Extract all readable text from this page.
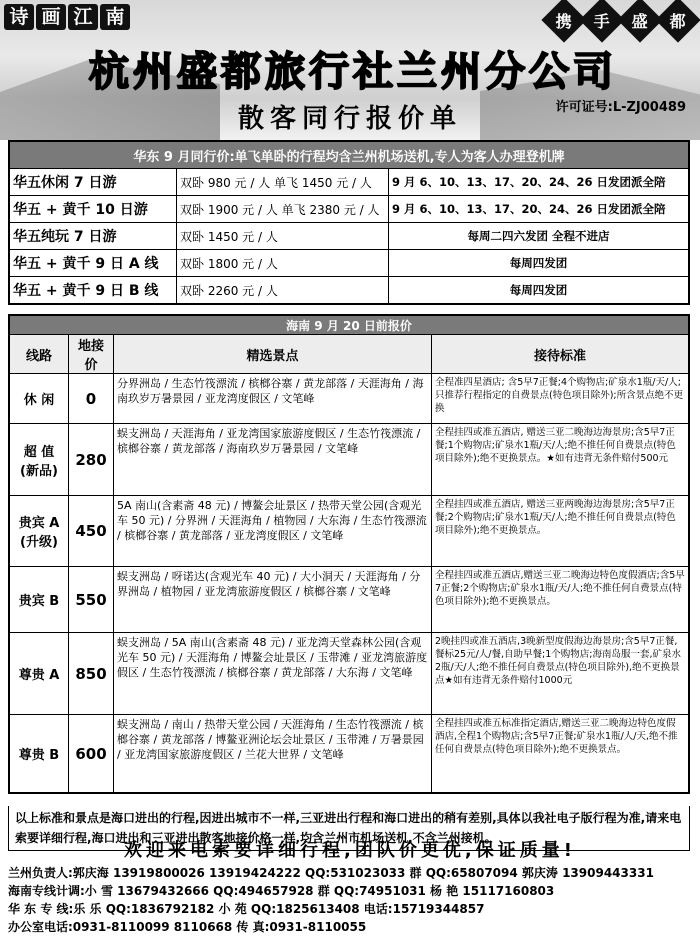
诗 画 江 南	携 手 盛 都
杭州盛都旅行社兰州分公司
散客同行报价单	许可证号:L-ZJ00489
华东 9 月同行价:单飞单卧的行程均含兰州机场送机,专人为客人办理登机牌		
华五休闲 7 日游	双卧 980 元 / 人 单飞 1450 元 / 人	9 月 6、10、13、17、20、24、26 日发团派全陪
华五 + 黄千 10 日游	双卧 1900 元 / 人 单飞 2380 元 / 人	9 月 6、10、13、17、20、24、26 日发团派全陪
华五纯玩 7 日游	双卧 1450 元 / 人	每周二四六发团 全程不进店
华五 + 黄千 9 日 A 线	双卧 1800 元 / 人	每周四发团
华五 + 黄千 9 日 B 线	双卧 2260 元 / 人	每周四发团
海南 9 月 20 日前报价			
线路	地接价	精选景点	接待标准
休 闲	0	分界洲岛 / 生态竹筏漂流 / 槟榔谷寨 / 黄龙部落 / 天涯海角 / 海南玖岁万暑景园 / 亚龙湾度假区 / 文笔峰	全程准四星酒店; 含5早7正餐;4个购物店;矿泉水1瓶/天/人;只推荐行程指定的自费景点(特色项目除外);所含景点绝不更换
超 值
(新品)	280	蜈支洲岛 / 天涯海角 / 亚龙湾国家旅游度假区 / 生态竹筏漂流 / 槟榔谷寨 / 黄龙部落 / 海南玖岁万暑景园 / 文笔峰	全程挂四或准五酒店, 赠送三亚二晚海边海景房;含5早7正餐;1个购物店;矿泉水1瓶/天/人;绝不推任何自费景点(特色项目除外);绝不更换景点。★如有违背无条件赔付500元
贵宾 A
(升级)	450	5A 南山(含素斋 48 元) / 博鳌会址景区 / 热带天堂公园(含观光车 50 元) / 分界洲 / 天涯海角 / 植物园 / 大东海 / 生态竹筏漂流 / 槟榔谷寨 / 黄龙部落 / 亚龙湾度假区 / 文笔峰	全程挂四或准五酒店, 赠送三亚两晚海边海景房;含5早7正餐;2个购物店;矿泉水1瓶/天/人;绝不推任何自费景点(特色项目除外);绝不更换景点。
贵宾 B	550	蜈支洲岛 / 呀诺达(含观光车 40 元) / 大小洞天 / 天涯海角 / 分界洲岛 / 植物园 / 亚龙湾旅游度假区 / 槟榔谷寨 / 文笔峰	全程挂四或准五酒店,赠送三亚二晚海边特色度假酒店;含5早7正餐;2个购物店;矿泉水1瓶/天/人;绝不推任何自费景点(特色项目除外);绝不更换景点。
尊贵 A	850	蜈支洲岛 / 5A 南山(含素斋 48 元) / 亚龙湾天堂森林公园(含观光车 50 元) / 天涯海角 / 博鳌会址景区 / 玉带滩 / 亚龙湾旅游度假区 / 生态竹筏漂流 / 槟榔谷寨 / 黄龙部落 / 大东海 / 文笔峰	2晚挂四或准五酒店,3晚新型度假海边海景房;含5早7正餐,餐标25元/人/餐,自助早餐;1个购物店;海南岛服一套,矿泉水2瓶/天/人;绝不推任何自费景点(特色项目除外),绝不更换景点★如有违背无条件赔付1000元
尊贵 B	600	蜈支洲岛 / 南山 / 热带天堂公园 / 天涯海角 / 生态竹筏漂流 / 槟榔谷寨 / 黄龙部落 / 博鳌亚洲论坛会址景区 / 玉带滩 / 万暑景园 / 亚龙湾国家旅游度假区 / 兰花大世界 / 文笔峰	全程挂四或准五标准指定酒店,赠送三亚二晚海边特色度假酒店,全程1个购物店;含5早7正餐;矿泉水1瓶/人/天,绝不推任何自费景点(特色项目除外);绝不更换景点。
以上标准和景点是海口进出的行程,因进出城市不一样,三亚进出行程和海口进出的稍有差别,具体以我社电子版行程为准,请来电索要详细行程,海口进出和三亚进出散客地接价格一样,均含兰州市机场送机,不含兰州接机。
欢迎来电索要详细行程,团队价更优,保证质量!
兰州负责人:郭庆海 13919800026 13919424222 QQ:531023033 群 QQ:65807094 郭庆涛 13909443331
海南专线计调:小 雪 13679432666 QQ:494657928 群 QQ:74951031 杨 艳 15117160803
华 东 专 线:乐 乐 QQ:1836792182 小 苑 QQ:1825613408 电话:15719344857
办公室电话:0931-8110099 8110668 传 真:0931-8110055
